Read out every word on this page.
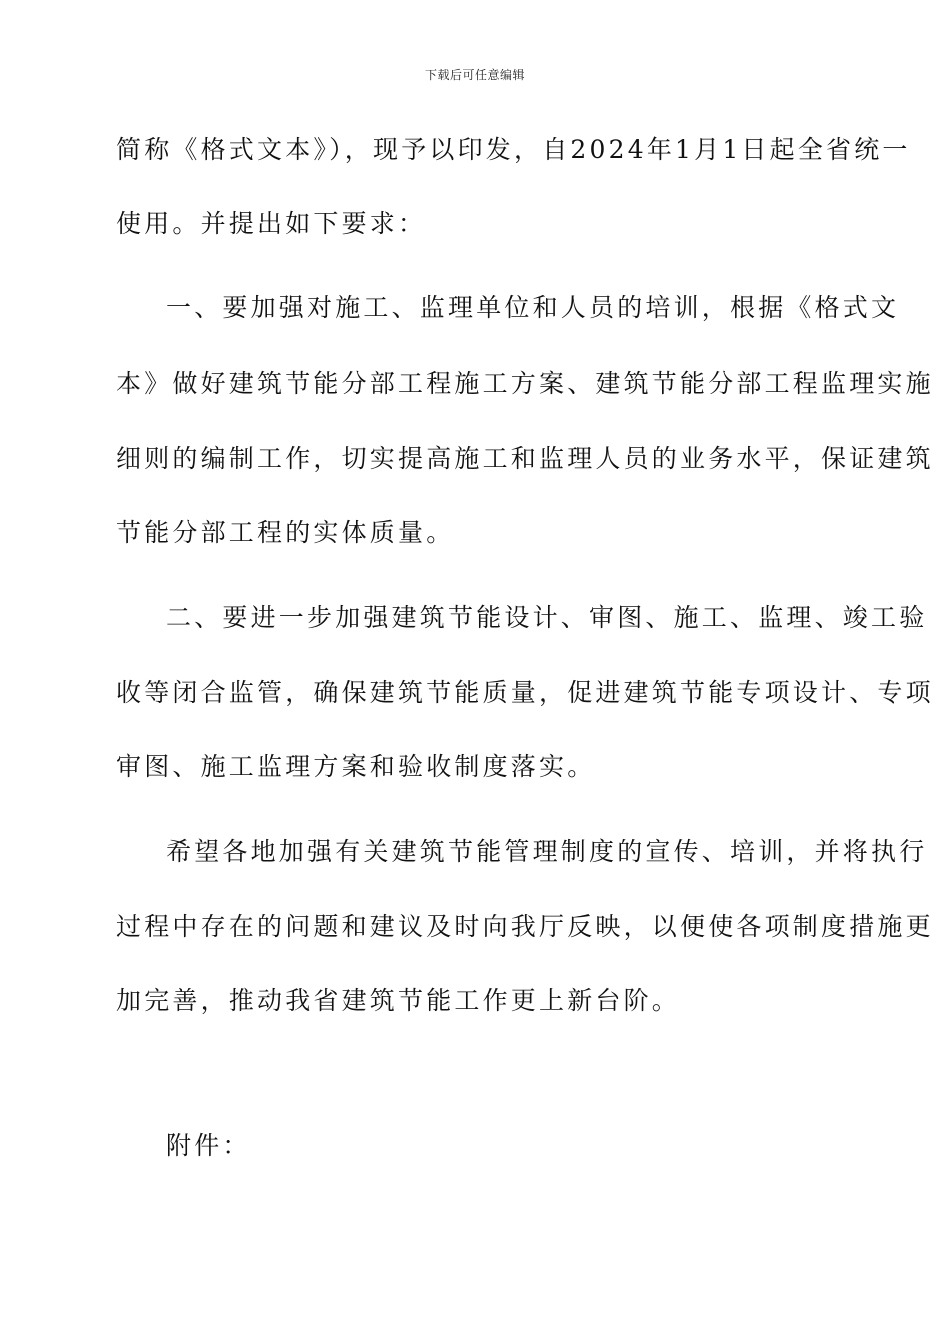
下载后可任意编辑
简称《格式文本》），现予以印发，自2024年1月1日起全省统一
使用。并提出如下要求：
一、要加强对施工、监理单位和人员的培训，根据《格式文
本》做好建筑节能分部工程施工方案、建筑节能分部工程监理实施
细则的编制工作，切实提高施工和监理人员的业务水平，保证建筑
节能分部工程的实体质量。
二、要进一步加强建筑节能设计、审图、施工、监理、竣工验
收等闭合监管，确保建筑节能质量，促进建筑节能专项设计、专项
审图、施工监理方案和验收制度落实。
希望各地加强有关建筑节能管理制度的宣传、培训，并将执行
过程中存在的问题和建议及时向我厅反映，以便使各项制度措施更
加完善，推动我省建筑节能工作更上新台阶。
附件：
